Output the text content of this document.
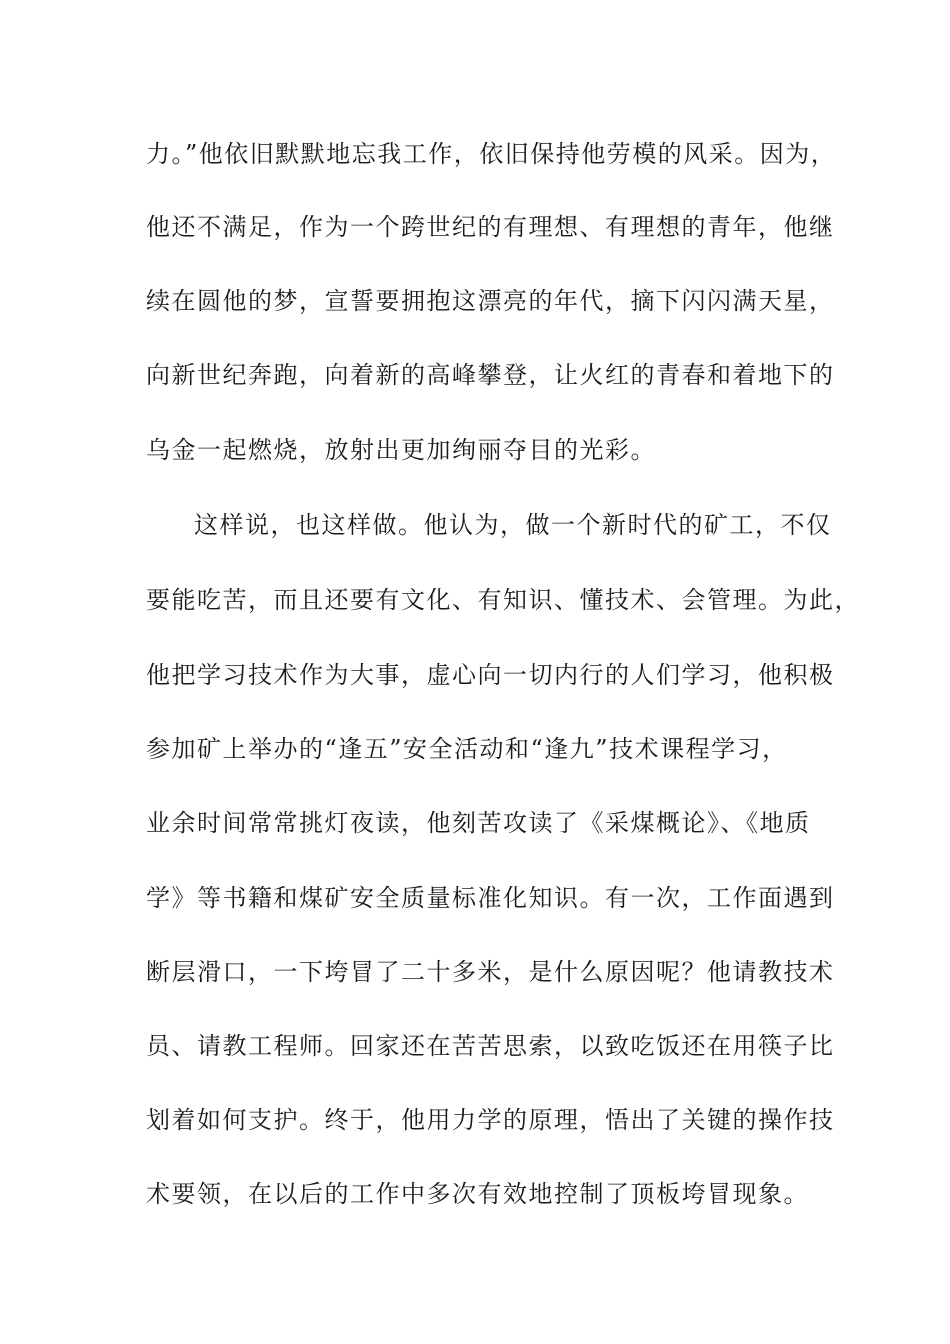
力。”他依旧默默地忘我工作，依旧保持他劳模的风采。因为，
他还不满足，作为一个跨世纪的有理想、有理想的青年，他继
续在圆他的梦，宣誓要拥抱这漂亮的年代，摘下闪闪满天星，
向新世纪奔跑，向着新的高峰攀登，让火红的青春和着地下的
乌金一起燃烧，放射出更加绚丽夺目的光彩。
这样说，也这样做。他认为，做一个新时代的矿工，不仅
要能吃苦，而且还要有文化、有知识、懂技术、会管理。为此，
他把学习技术作为大事，虚心向一切内行的人们学习，他积极
参加矿上举办的“逢五”安全活动和“逢九”技术课程学习，
业余时间常常挑灯夜读，他刻苦攻读了《采煤概论》、《地质
学》等书籍和煤矿安全质量标准化知识。有一次，工作面遇到
断层滑口，一下垮冒了二十多米，是什么原因呢？他请教技术
员、请教工程师。回家还在苦苦思索，以致吃饭还在用筷子比
划着如何支护。终于，他用力学的原理，悟出了关键的操作技
术要领，在以后的工作中多次有效地控制了顶板垮冒现象。
